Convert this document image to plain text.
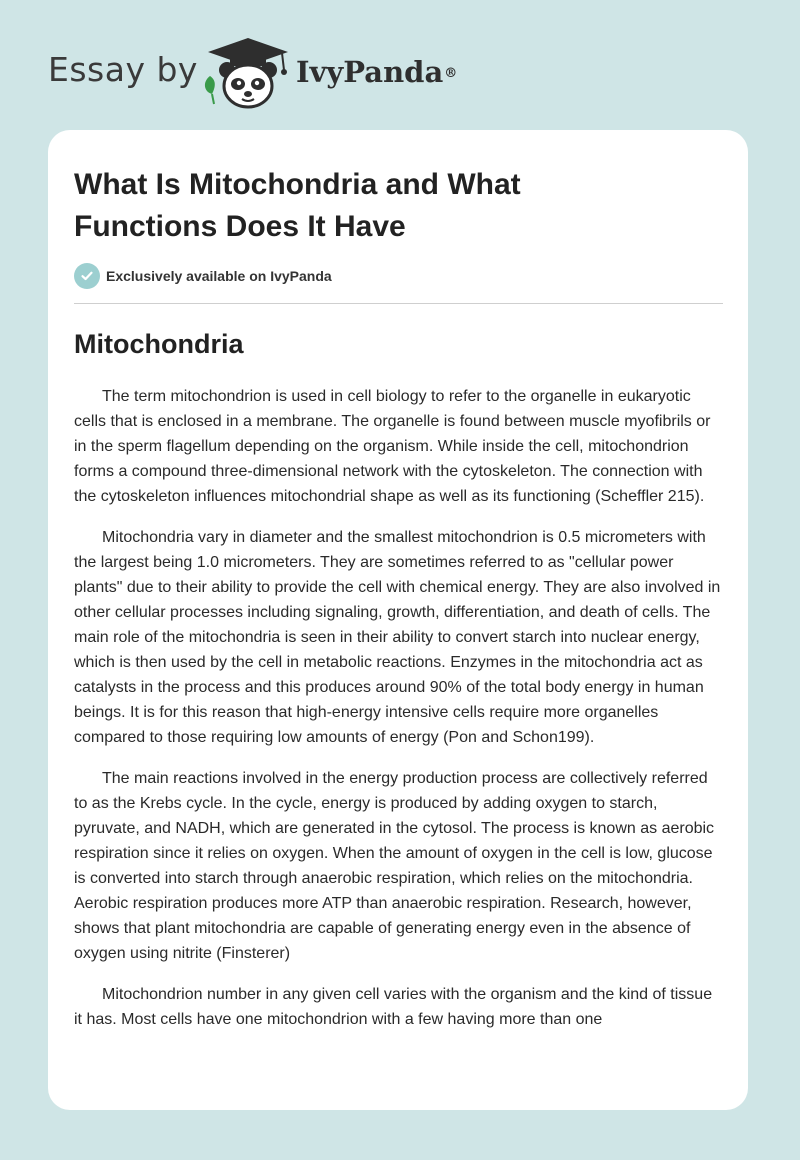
Essay by	IvyPanda®
What Is Mitochondria and What Functions Does It Have
Exclusively available on IvyPanda
Mitochondria

The term mitochondrion is used in cell biology to refer to the organelle in eukaryotic cells that is enclosed in a membrane. The organelle is found between muscle myofibrils or in the sperm flagellum depending on the organism. While inside the cell, mitochondrion forms a compound three-dimensional network with the cytoskeleton. The connection with the cytoskeleton influences mitochondrial shape as well as its functioning (Scheffler 215).

Mitochondria vary in diameter and the smallest mitochondrion is 0.5 micrometers with the largest being 1.0 micrometers. They are sometimes referred to as "cellular power plants" due to their ability to provide the cell with chemical energy. They are also involved in other cellular processes including signaling, growth, differentiation, and death of cells. The main role of the mitochondria is seen in their ability to convert starch into nuclear energy, which is then used by the cell in metabolic reactions. Enzymes in the mitochondria act as catalysts in the process and this produces around 90% of the total body energy in human beings. It is for this reason that high-energy intensive cells require more organelles compared to those requiring low amounts of energy (Pon and Schon199).

The main reactions involved in the energy production process are collectively referred to as the Krebs cycle. In the cycle, energy is produced by adding oxygen to starch, pyruvate, and NADH, which are generated in the cytosol. The process is known as aerobic respiration since it relies on oxygen. When the amount of oxygen in the cell is low, glucose is converted into starch through anaerobic respiration, which relies on the mitochondria. Aerobic respiration produces more ATP than anaerobic respiration. Research, however, shows that plant mitochondria are capable of generating energy even in the absence of oxygen using nitrite (Finsterer)

Mitochondrion number in any given cell varies with the organism and the kind of tissue it has. Most cells have one mitochondrion with a few having more than one
